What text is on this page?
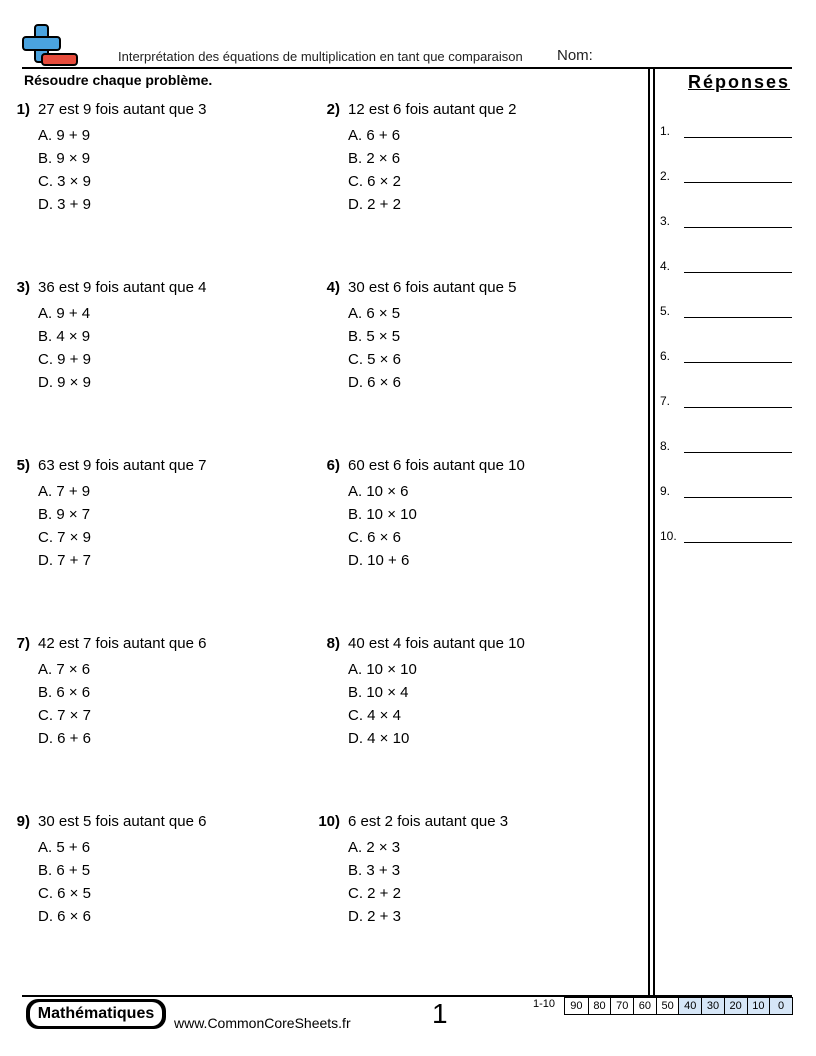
Interprétation des équations de multiplication en tant que comparaison Nom:
Résoudre chaque problème.
1) 27 est 9 fois autant que 3
A. 9 + 9
B. 9 × 9
C. 3 × 9
D. 3 + 9
2) 12 est 6 fois autant que 2
A. 6 + 6
B. 2 × 6
C. 6 × 2
D. 2 + 2
3) 36 est 9 fois autant que 4
A. 9 + 4
B. 4 × 9
C. 9 + 9
D. 9 × 9
4) 30 est 6 fois autant que 5
A. 6 × 5
B. 5 × 5
C. 5 × 6
D. 6 × 6
5) 63 est 9 fois autant que 7
A. 7 + 9
B. 9 × 7
C. 7 × 9
D. 7 + 7
6) 60 est 6 fois autant que 10
A. 10 × 6
B. 10 × 10
C. 6 × 6
D. 10 + 6
7) 42 est 7 fois autant que 6
A. 7 × 6
B. 6 × 6
C. 7 × 7
D. 6 + 6
8) 40 est 4 fois autant que 10
A. 10 × 10
B. 10 × 4
C. 4 × 4
D. 4 × 10
9) 30 est 5 fois autant que 6
A. 5 + 6
B. 6 + 5
C. 6 × 5
D. 6 × 6
10) 6 est 2 fois autant que 3
A. 2 × 3
B. 3 + 3
C. 2 + 2
D. 2 + 3
Réponses
1.
2.
3.
4.
5.
6.
7.
8.
9.
10.
Mathématiques
www.CommonCoreSheets.fr	1	1-10	90 80 70 60 50 40 30 20 10	0
